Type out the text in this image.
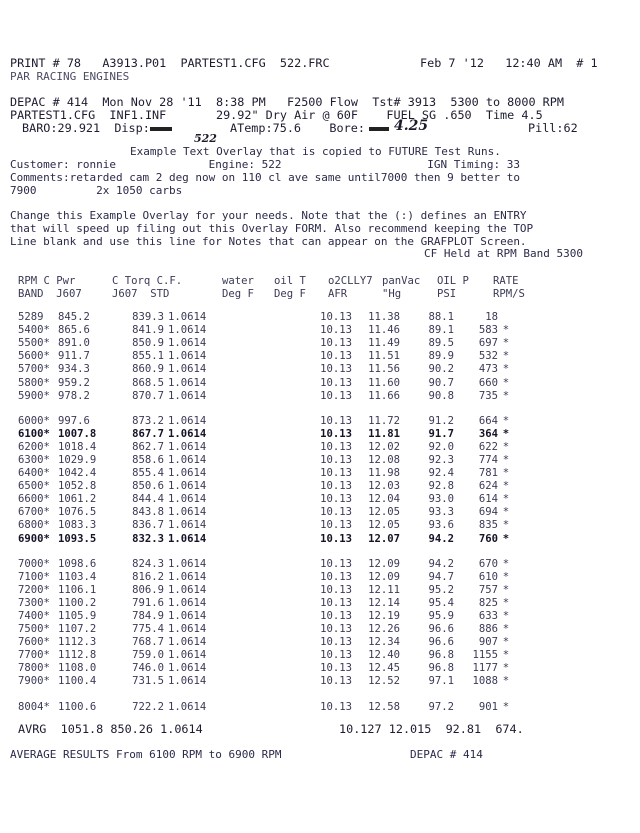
PRINT # 78   A3913.P01  PARTEST1.CFG  522.FRC	Feb 7 '12   12:40 AM  # 1
PAR RACING ENGINES
DEPAC # 414  Mon Nov 28 '11  8:38 PM   F2500 Flow  Tst# 3913  5300 to 8000 RPM
PARTEST1.CFG  INF1.INF       29.92" Dry Air @ 60F    FUEL SG .650  Time 4.5
BARO:29.921  Disp:
522
ATemp:75.6    Bore: 4.25	Pill:62
Example Text Overlay that is copied to FUTURE Test Runs.
Customer: ronnie              Engine: 522                      IGN Timing: 33
Comments:retarded cam 2 deg now on 110 cl ave same until7000 then 9 better to
7900         2x 1050 carbs
Change this Example Overlay for your needs. Note that the (:) defines an ENTRY
that will speed up filing out this Overlay FORM. Also recommend keeping the TOP
Line blank and use this line for Notes that can appear on the GRAFPLOT Screen.
CF Held at RPM Band 5300
RPM C Pwr	C Torq C.F.	water oil T o2CLLY7 panVac OIL P RATE
BAND  J607	J607  STD	Deg F Deg F AFR	"Hg	PSI	RPM/S
5289	845.2	839.3	1.0614	10.13	11.38	88.1	18	
5400*	865.6	841.9	1.0614	10.13	11.46	89.1	583	*
5500*	891.0	850.9	1.0614	10.13	11.49	89.5	697	*
5600*	911.7	855.1	1.0614	10.13	11.51	89.9	532	*
5700*	934.3	860.9	1.0614	10.13	11.56	90.2	473	*
5800*	959.2	868.5	1.0614	10.13	11.60	90.7	660	*
5900*	978.2	870.7	1.0614	10.13	11.66	90.8	735	*

6000*	997.6	873.2	1.0614	10.13	11.72	91.2	664	*
6100*	1007.8	867.7	1.0614	10.13	11.81	91.7	364	*
6200*	1018.4	862.7	1.0614	10.13	12.02	92.0	622	*
6300*	1029.9	858.6	1.0614	10.13	12.08	92.3	774	*
6400*	1042.4	855.4	1.0614	10.13	11.98	92.4	781	*
6500*	1052.8	850.6	1.0614	10.13	12.03	92.8	624	*
6600*	1061.2	844.4	1.0614	10.13	12.04	93.0	614	*
6700*	1076.5	843.8	1.0614	10.13	12.05	93.3	694	*
6800*	1083.3	836.7	1.0614	10.13	12.05	93.6	835	*
6900*	1093.5	832.3	1.0614	10.13	12.07	94.2	760	*

7000*	1098.6	824.3	1.0614	10.13	12.09	94.2	670	*
7100*	1103.4	816.2	1.0614	10.13	12.09	94.7	610	*
7200*	1106.1	806.9	1.0614	10.13	12.11	95.2	757	*
7300*	1100.2	791.6	1.0614	10.13	12.14	95.4	825	*
7400*	1105.9	784.9	1.0614	10.13	12.19	95.9	633	*
7500*	1107.2	775.4	1.0614	10.13	12.26	96.6	886	*
7600*	1112.3	768.7	1.0614	10.13	12.34	96.6	907	*
7700*	1112.8	759.0	1.0614	10.13	12.40	96.8	1155	*
7800*	1108.0	746.0	1.0614	10.13	12.45	96.8	1177	*
7900*	1100.4	731.5	1.0614	10.13	12.52	97.1	1088	*

8004*	1100.6	722.2	1.0614	10.13	12.58	97.2	901	*
AVRG 1051.8 850.26 1.0614	10.127 12.015 92.81 674.
AVERAGE RESULTS From 6100 RPM to 6900 RPM	DEPAC # 414
